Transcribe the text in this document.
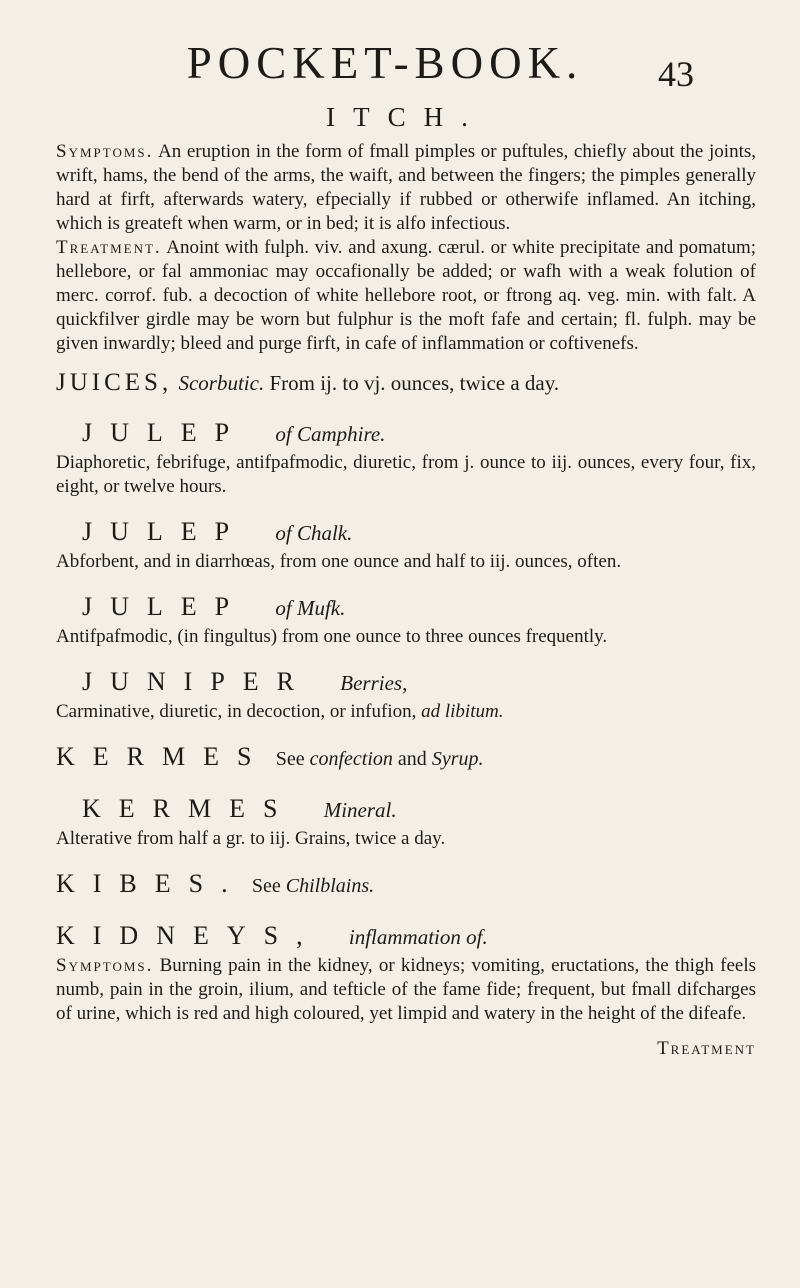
POCKET-BOOK.	43
ITCH.

Symptoms. An eruption in the form of fmall pimples or puftules, chiefly about the joints, wrift, hams, the bend of the arms, the waift, and between the fingers; the pimples generally hard at firft, afterwards watery, efpecially if rubbed or otherwife inflamed. An itching, which is greateft when warm, or in bed; it is alfo infectious.

Treatment. Anoint with fulph. viv. and axung. cærul. or white precipitate and pomatum; hellebore, or fal ammoniac may occafionally be added; or wafh with a weak folution of merc. corrof. fub. a decoction of white hellebore root, or ftrong aq. veg. min. with falt. A quickfilver girdle may be worn but fulphur is the moft fafe and certain; fl. fulph. may be given inwardly; bleed and purge firft, in cafe of inflammation or coftivenefs.

JUICES, Scorbutic. From ij. to vj. ounces, twice a day.
JULEP of Camphire.

Diaphoretic, febrifuge, antifpafmodic, diuretic, from j. ounce to iij. ounces, every four, fix, eight, or twelve hours.

JULEP of Chalk.

Abforbent, and in diarrhœas, from one ounce and half to iij. ounces, often.

JULEP of Mufk.

Antifpafmodic, (in fingultus) from one ounce to three ounces frequently.

JUNIPER Berries,

Carminative, diuretic, in decoction, or infufion, ad libitum.

KERMES See confection and Syrup.
KERMES Mineral.

Alterative from half a gr. to iij. Grains, twice a day.

KIBES. See Chilblains.
KIDNEYS, inflammation of.

Symptoms. Burning pain in the kidney, or kidneys; vomiting, eructations, the thigh feels numb, pain in the groin, ilium, and tefticle of the fame fide; frequent, but fmall difcharges of urine, which is red and high coloured, yet limpid and watery in the height of the difeafe.

Treatment
